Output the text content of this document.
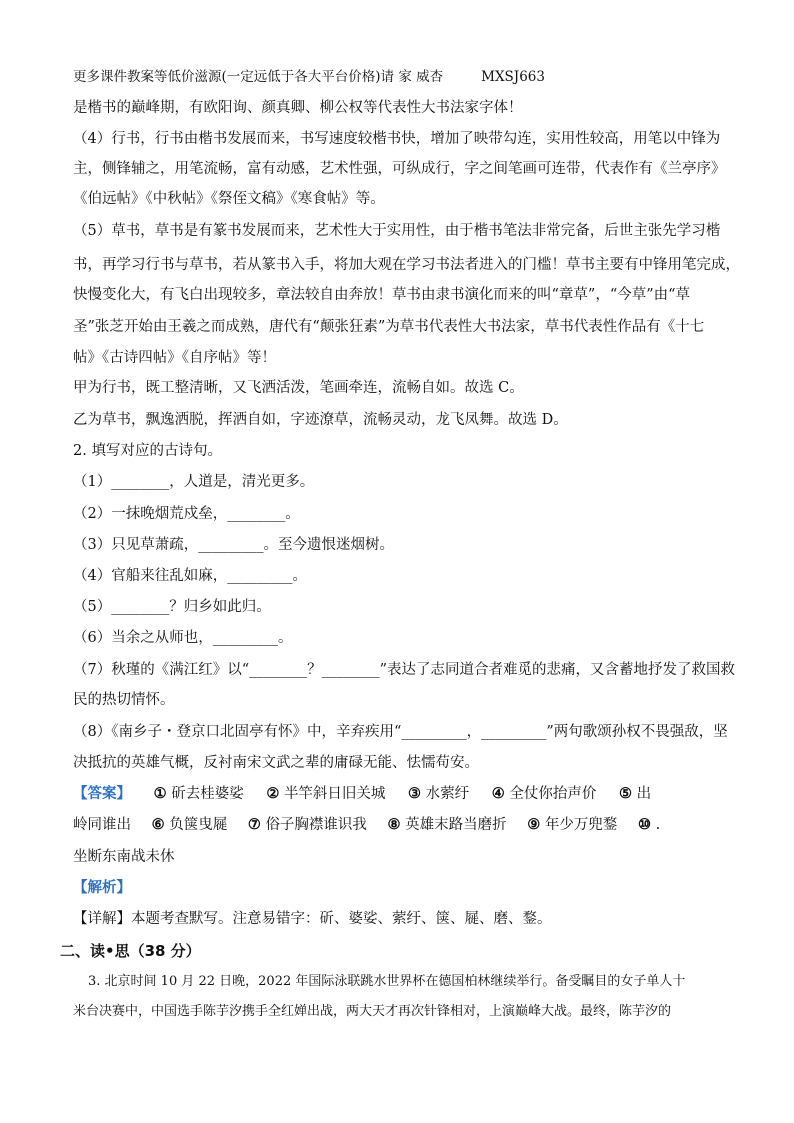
更多课件教案等低价滋源(一定远低于各大平台价格)请 家 威杏	MXSJ663
是楷书的巅峰期，有欧阳询、颜真卿、柳公权等代表性大书法家字体！
（4）行书，行书由楷书发展而来，书写速度较楷书快，增加了映带勾连，实用性较高，用笔以中锋为
主，侧锋辅之，用笔流畅，富有动感，艺术性强，可纵成行，字之间笔画可连带，代表作有《兰亭序》
《伯远帖》《中秋帖》《祭侄文稿》《寒食帖》等。
（5）草书，草书是有篆书发展而来，艺术性大于实用性，由于楷书笔法非常完备，后世主张先学习楷
书，再学习行书与草书，若从篆书入手，将加大观在学习书法者进入的门槛！草书主要有中锋用笔完成，
快慢变化大，有飞白出现较多，章法较自由奔放！草书由隶书演化而来的叫“章草”，“今草”由“草
圣”张芝开始由王羲之而成熟，唐代有“颠张狂素”为草书代表性大书法家，草书代表性作品有《十七
帖》《古诗四帖》《自序帖》等！
甲为行书，既工整清晰，又飞洒活泼，笔画牵连，流畅自如。故选 C。
乙为草书，飘逸洒脱，挥洒自如，字迹潦草，流畅灵动，龙飞凤舞。故选 D。
2. 填写对应的古诗句。
（1）________，人道是，清光更多。
（2）一抹晚烟荒戍垒，________。
（3）只见草萧疏，_________。至今遗恨迷烟树。
（4）官船来往乱如麻，_________。
（5）________？归乡如此归。
（6）当余之从师也，_________。
（7）秋瑾的《满江红》以“________？________”表达了志同道合者难觅的悲痛，又含蓄地抒发了救国救
民的热切情怀。
（8）《南乡子・登京口北固亭有怀》中，辛弃疾用“_________，_________”两句歌颂孙权不畏强敌，坚
决抵抗的英雄气概，反衬南宋文武之辈的庸碌无能、怯懦苟安。
【答案】 ① 斫去桂婆娑 ② 半竿斜日旧关城 ③ 水萦纡 ④ 全仗你抬声价 ⑤ 出
岭同谁出 ⑥ 负箧曳屣 ⑦ 俗子胸襟谁识我 ⑧ 英雄末路当磨折 ⑨ 年少万兜鍪 ⑩ .
坐断东南战未休
【解析】
【详解】本题考查默写。注意易错字：斫、婆娑、萦纡、箧、屣、磨、鍪。
二、读•思（38 分）
3. 北京时间 10 月 22 日晚，2022 年国际泳联跳水世界杯在德国柏林继续举行。备受瞩目的女子单人十
米台决赛中，中国选手陈芋汐携手全红婵出战，两大天才再次针锋相对，上演巅峰大战。最终，陈芋汐的
